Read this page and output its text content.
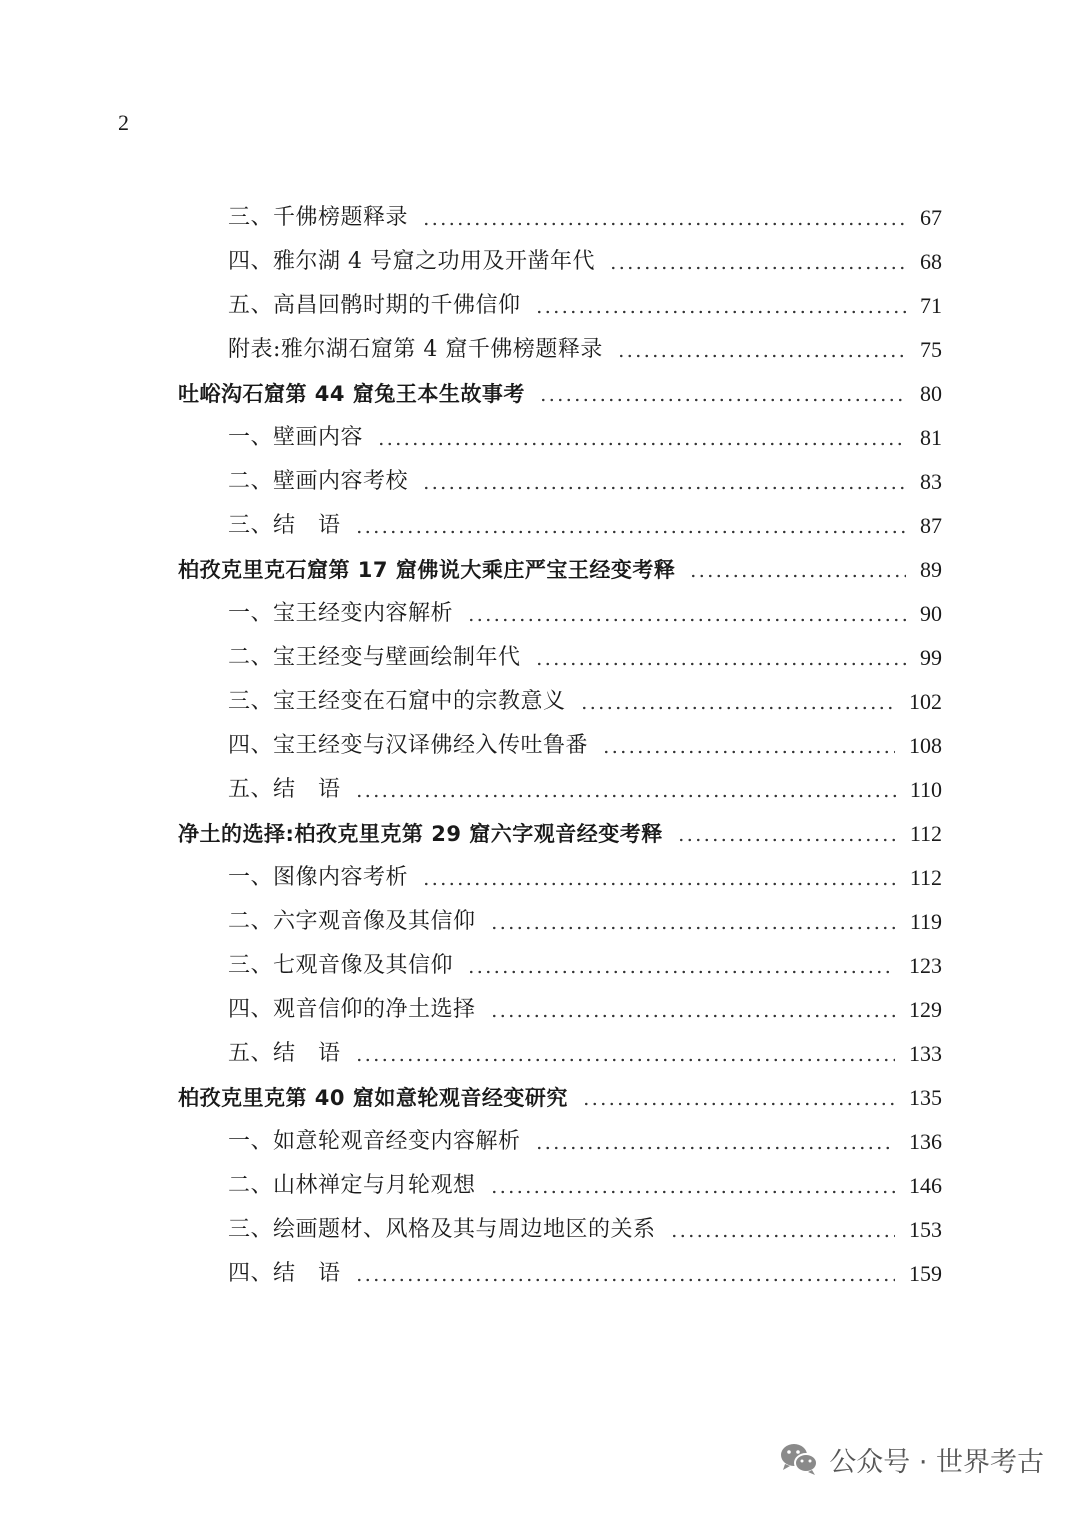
2
三、千佛榜题释录	67
四、雅尔湖 4 号窟之功用及开凿年代	68
五、高昌回鹘时期的千佛信仰	71
附表:雅尔湖石窟第 4 窟千佛榜题释录	75
吐峪沟石窟第 44 窟兔王本生故事考	80
一、壁画内容	81
二、壁画内容考校	83
三、结　语	87
柏孜克里克石窟第 17 窟佛说大乘庄严宝王经变考释	89
一、宝王经变内容解析	90
二、宝王经变与壁画绘制年代	99
三、宝王经变在石窟中的宗教意义	102
四、宝王经变与汉译佛经入传吐鲁番	108
五、结　语	110
净土的选择:柏孜克里克第 29 窟六字观音经变考释	112
一、图像内容考析	112
二、六字观音像及其信仰	119
三、七观音像及其信仰	123
四、观音信仰的净土选择	129
五、结　语	133
柏孜克里克第 40 窟如意轮观音经变研究	135
一、如意轮观音经变内容解析	136
二、山林禅定与月轮观想	146
三、绘画题材、风格及其与周边地区的关系	153
四、结　语	159
公众号 · 世界考古
